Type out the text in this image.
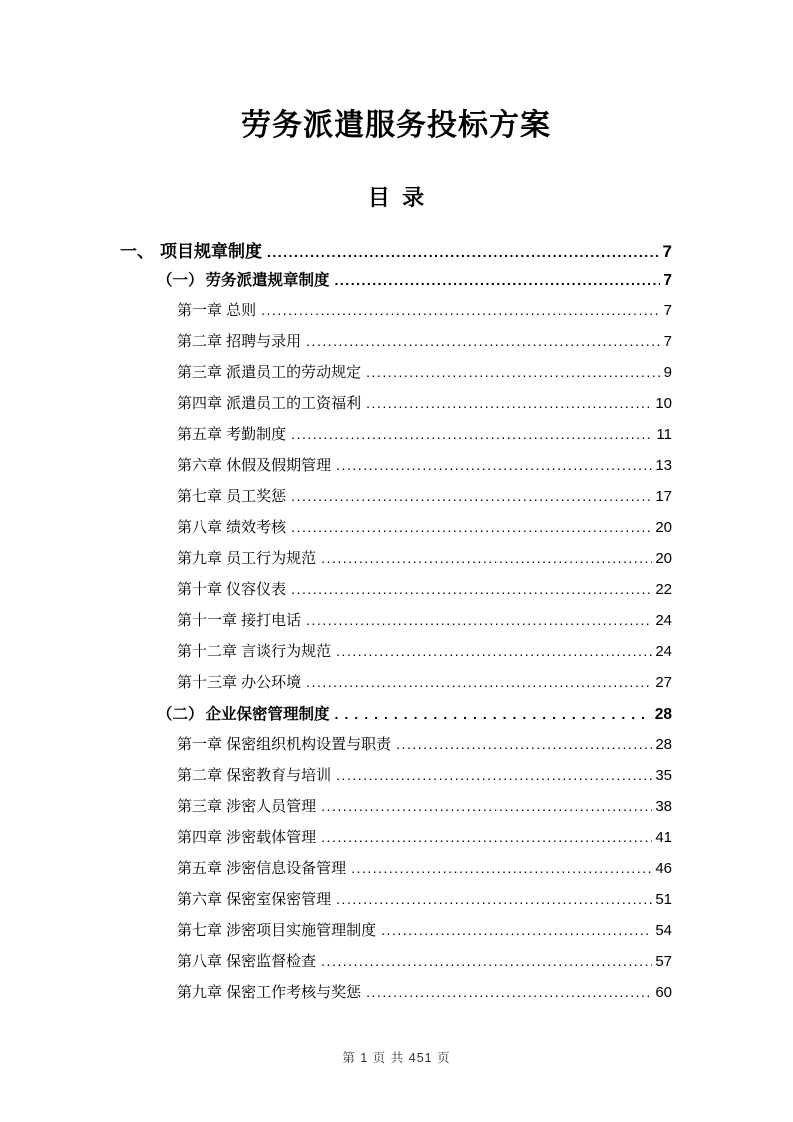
劳务派遣服务投标方案
目  录
一、 项目规章制度 .....	7
（一） 劳务派遣规章制度 .....	7
第一章 总则 .....	7
第二章 招聘与录用 .....	7
第三章 派遣员工的劳动规定 .....	9
第四章 派遣员工的工资福利 .....	10
第五章 考勤制度 .....	11
第六章 休假及假期管理 .....	13
第七章 员工奖惩 .....	17
第八章 绩效考核 .....	20
第九章 员工行为规范 .....	20
第十章 仪容仪表 .....	22
第十一章 接打电话 .....	24
第十二章 言谈行为规范 .....	24
第十三章 办公环境 .....	27
（二） 企业保密管理制度 .....	28
第一章 保密组织机构设置与职责 .....	28
第二章 保密教育与培训 .....	35
第三章 涉密人员管理 .....	38
第四章 涉密载体管理 .....	41
第五章 涉密信息设备管理 .....	46
第六章 保密室保密管理 .....	51
第七章 涉密项目实施管理制度 .....	54
第八章 保密监督检查 .....	57
第九章 保密工作考核与奖惩 .....	60
第 1 页 共 451 页
